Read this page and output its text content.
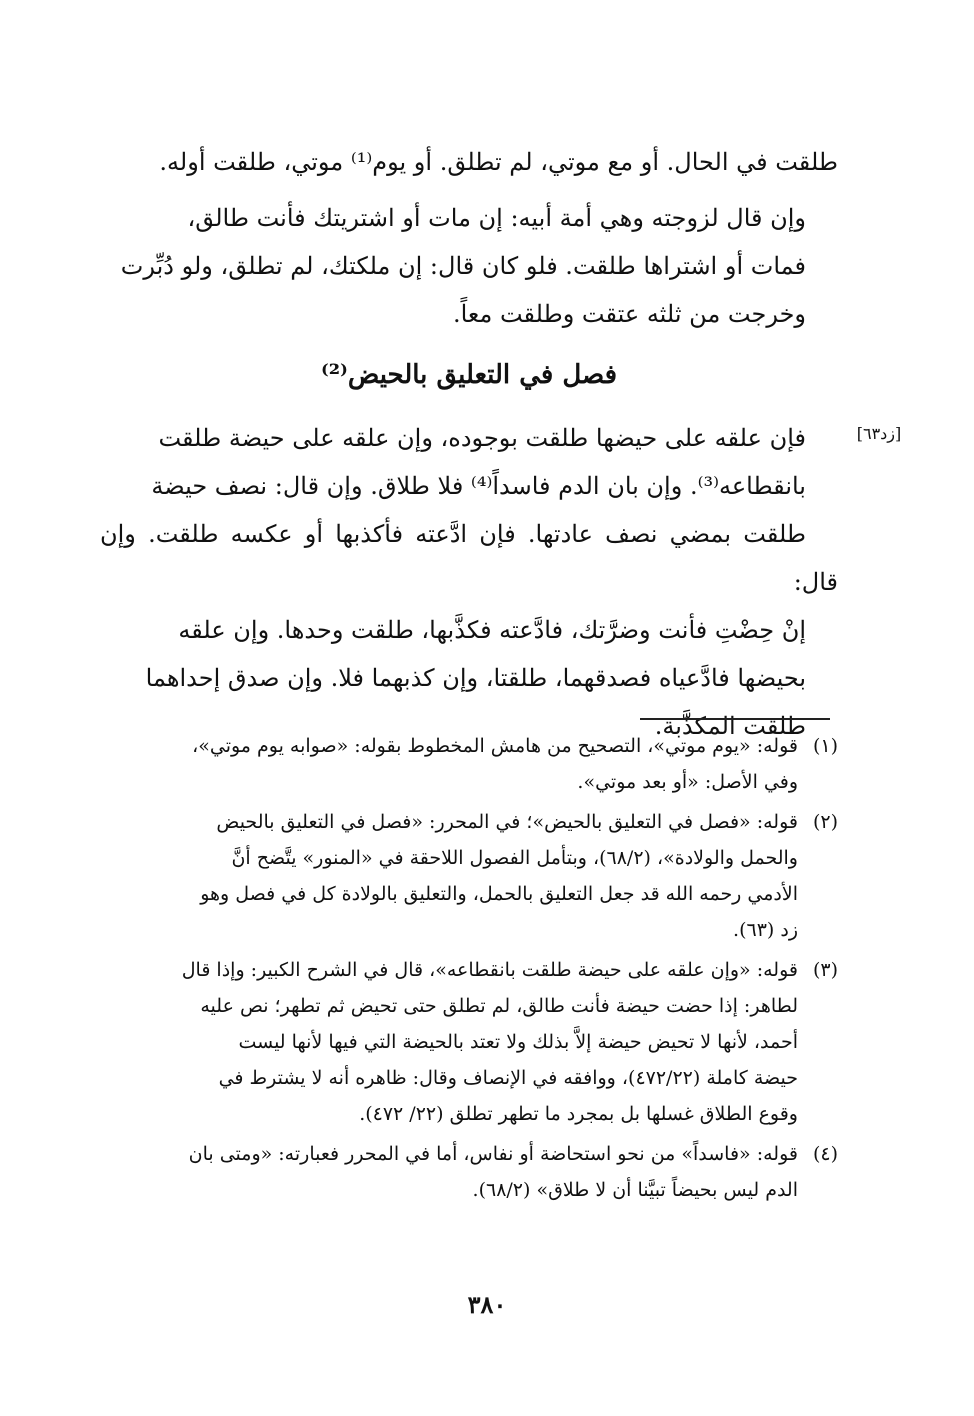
طلقت في الحال. أو مع موتي، لم تطلق. أو يوم⁽¹⁾ موتي، طلقت أوله.
وإن قال لزوجته وهي أمة أبيه: إن مات أو اشتريتك فأنت طالق،
فمات أو اشتراها طلقت. فلو كان قال: إن ملكتك، لم تطلق، ولو دُبِّرت
وخرجت من ثلثه عتقت وطلقت معاً.
فصل في التعليق بالحيض⁽²⁾
[زد٦٣]
فإن علقه على حيضها طلقت بوجوده، وإن علقه على حيضة طلقت
بانقطاعه⁽³⁾. وإن بان الدم فاسداً⁽⁴⁾ فلا طلاق. وإن قال: نصف حيضة
طلقت بمضي نصف عادتها. فإن ادَّعته فأكذبها أو عكسه طلقت. وإن قال:
إنْ حِضْتِ فأنت وضرَّتك، فادَّعته فكذَّبها، طلقت وحدها. وإن علقه
بحيضها فادَّعياه فصدقهما، طلقتا، وإن كذبهما فلا. وإن صدق إحداهما
طلقت المكذَّبة.
(١)
قوله: «يوم موتي»، التصحيح من هامش المخطوط بقوله: «صوابه يوم موتي»،
وفي الأصل: «أو بعد موتي».
(٢)
قوله: «فصل في التعليق بالحيض»؛ في المحرر: «فصل في التعليق بالحيض
والحمل والولادة»، (٦٨/٢)، وبتأمل الفصول اللاحقة في «المنور» يتَّضح أنَّ
الأدمي رحمه الله قد جعل التعليق بالحمل، والتعليق بالولادة كل في فصل وهو
زد (٦٣).
(٣)
قوله: «وإن علقه على حيضة طلقت بانقطاعه»، قال في الشرح الكبير: وإذا قال
لطاهر: إذا حضت حيضة فأنت طالق، لم تطلق حتى تحيض ثم تطهر؛ نص عليه
أحمد، لأنها لا تحيض حيضة إلاَّ بذلك ولا تعتد بالحيضة التي فيها لأنها ليست
حيضة كاملة (٤٧٢/٢٢)، ووافقه في الإنصاف وقال: ظاهره أنه لا يشترط في
وقوع الطلاق غسلها بل بمجرد ما تطهر تطلق (٢٢/ ٤٧٢).
(٤)
قوله: «فاسداً» من نحو استحاضة أو نفاس، أما في المحرر فعبارته: «ومتى بان
الدم ليس بحيضاً تبيَّنا أن لا طلاق» (٦٨/٢).
٣٨٠
